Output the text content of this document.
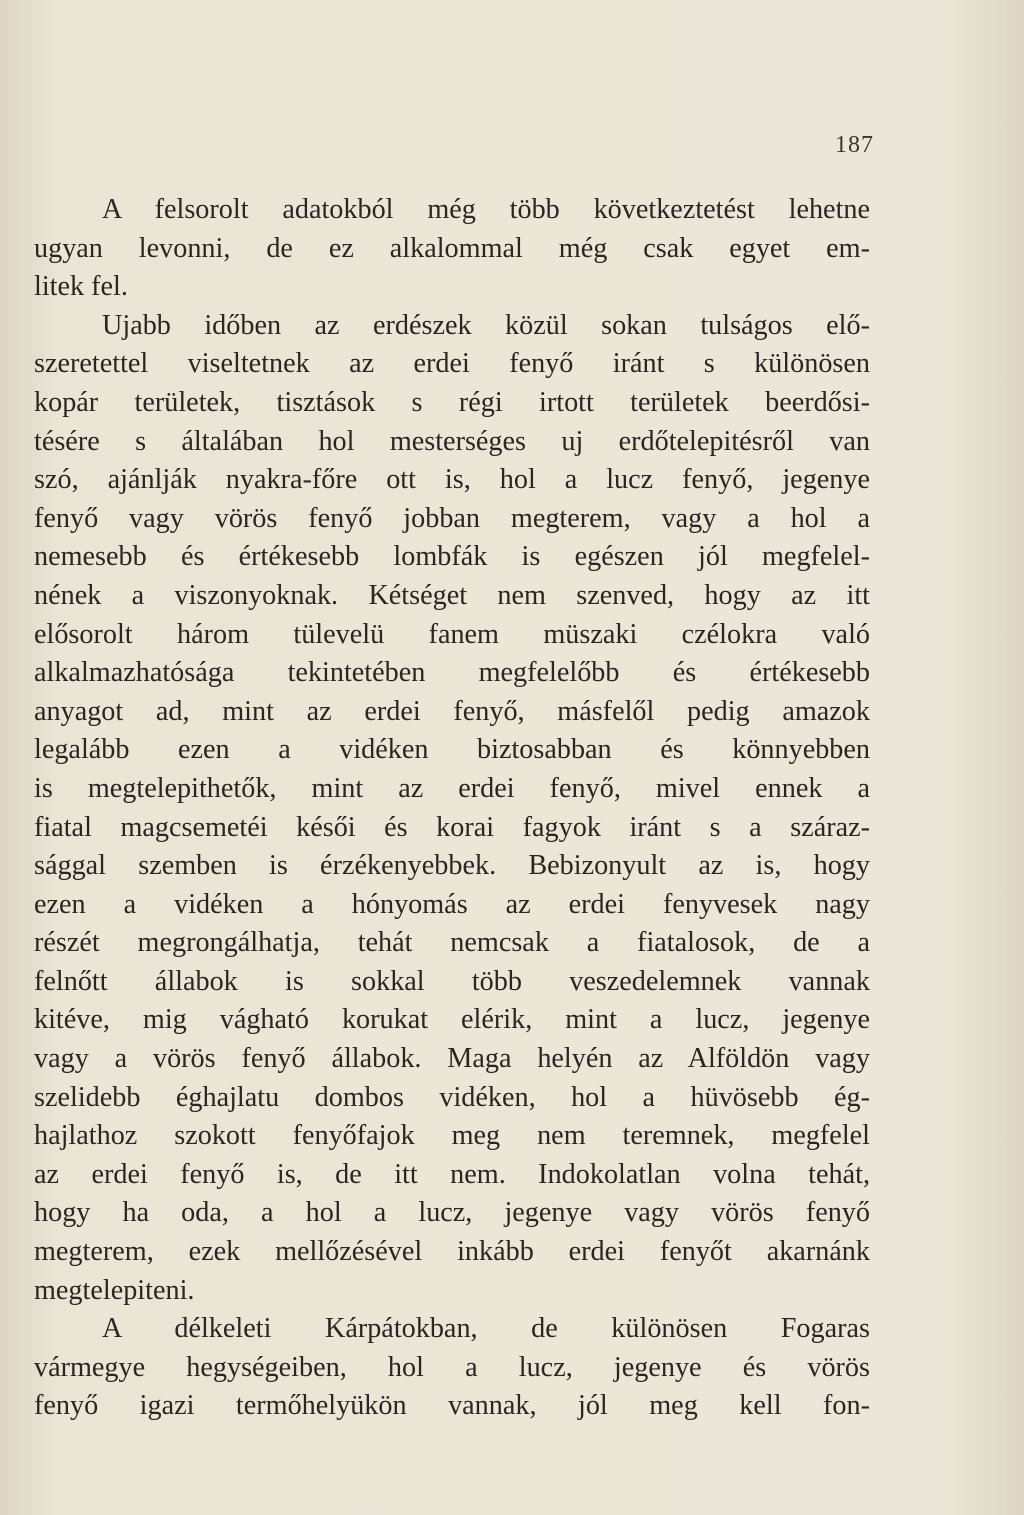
187
A felsorolt adatokból még több következtetést lehetne
ugyan levonni, de ez alkalommal még csak egyet em-
litek fel.
Ujabb időben az erdészek közül sokan tulságos elő-
szeretettel viseltetnek az erdei fenyő iránt s különösen
kopár területek, tisztások s régi irtott területek beerdősi-
tésére s általában hol mesterséges uj erdőtelepitésről van
szó, ajánlják nyakra-főre ott is, hol a lucz fenyő, jegenye
fenyő vagy vörös fenyő jobban megterem, vagy a hol a
nemesebb és értékesebb lombfák is egészen jól megfelel-
nének a viszonyoknak. Kétséget nem szenved, hogy az itt
elősorolt három tülevelü fanem müszaki czélokra való
alkalmazhatósága tekintetében megfelelőbb és értékesebb
anyagot ad, mint az erdei fenyő, másfelől pedig amazok
legalább ezen a vidéken biztosabban és könnyebben
is megtelepithetők, mint az erdei fenyő, mivel ennek a
fiatal magcsemetéi késői és korai fagyok iránt s a száraz-
sággal szemben is érzékenyebbek. Bebizonyult az is, hogy
ezen a vidéken a hónyomás az erdei fenyvesek nagy
részét megrongálhatja, tehát nemcsak a fiatalosok, de a
felnőtt állabok is sokkal több veszedelemnek vannak
kitéve, mig vágható korukat elérik, mint a lucz, jegenye
vagy a vörös fenyő állabok. Maga helyén az Alföldön vagy
szelidebb éghajlatu dombos vidéken, hol a hüvösebb ég-
hajlathoz szokott fenyőfajok meg nem teremnek, megfelel
az erdei fenyő is, de itt nem. Indokolatlan volna tehát,
hogy ha oda, a hol a lucz, jegenye vagy vörös fenyő
megterem, ezek mellőzésével inkább erdei fenyőt akarnánk
megtelepiteni.
A délkeleti Kárpátokban, de különösen Fogaras
vármegye hegységeiben, hol a lucz, jegenye és vörös
fenyő igazi termőhelyükön vannak, jól meg kell fon-
